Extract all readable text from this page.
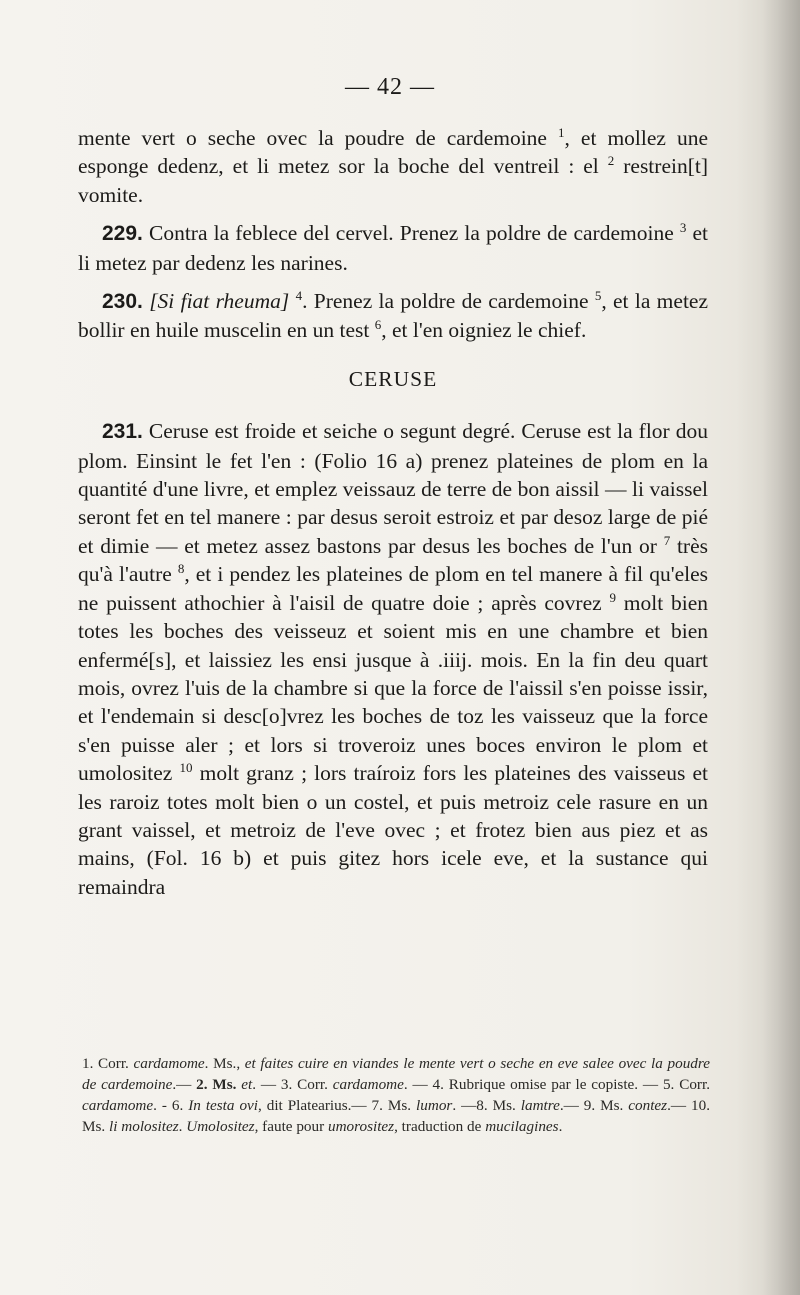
— 42 —

mente vert o seche ovec la poudre de cardemoine $^1$, et mollez une esponge dedenz, et li metez sor la boche del ventreil : el $^2$ restrein[t] vomite.

229. Contra la feblece del cervel. Prenez la poldre de cardemoine $^3$ et li metez par dedenz les narines.

230. [Si fiat rheuma] $^4$. Prenez la poldre de cardemoine $^5$, et la metez bollir en huile muscelin en un test $^6$, et l'en oigniez le chief.

CERUSE

231. Ceruse est froide et seiche o segunt degré. Ceruse est la flor dou plom. Einsint le fet l'en : (Folio 16 a) prenez plateines de plom en la quantité d'une livre, et emplez veissauz de terre de bon aissil — li vaissel seront fet en tel manere : par desus seroit estroiz et par desoz large de pié et dimie — et metez assez bastons par desus les boches de l'un or $^7$ très qu'à l'autre $^8$, et i pendez les plateines de plom en tel manere à fil qu'eles ne puissent athochier à l'aisil de quatre doie ; après covrez $^9$ molt bien totes les boches des veisseuz et soient mis en une chambre et bien enfermé[s], et laissiez les ensi jusque à .iiij. mois. En la fin deu quart mois, ovrez l'uis de la chambre si que la force de l'aissil s'en poisse issir, et l'endemain si desc[o]vrez les boches de toz les vaisseuz que la force s'en puisse aler ; et lors si troveroiz unes boces environ le plom et umolositez $^{10}$ molt granz ; lors traíroiz fors les plateines des vaisseus et les raroiz totes molt bien o un costel, et puis metroiz cele rasure en un grant vaissel, et metroiz de l'eve ovec ; et frotez bien aus piez et as mains, (Fol. 16 b) et puis gitez hors icele eve, et la sustance qui remaindra

1. Corr. cardamome. Ms., et faites cuire en viandes le mente vert o seche en eve salee ovec la poudre de cardemoine.— 2. Ms. et. — 3. Corr. cardamome. — 4. Rubrique omise par le copiste. — 5. Corr. cardamome. - 6. In testa ovi, dit Platearius.— 7. Ms. lumor. —8. Ms. lamtre.— 9. Ms. contez.— 10. Ms. li molositez. Umolositez, faute pour umorositez, traduction de mucilagines.
